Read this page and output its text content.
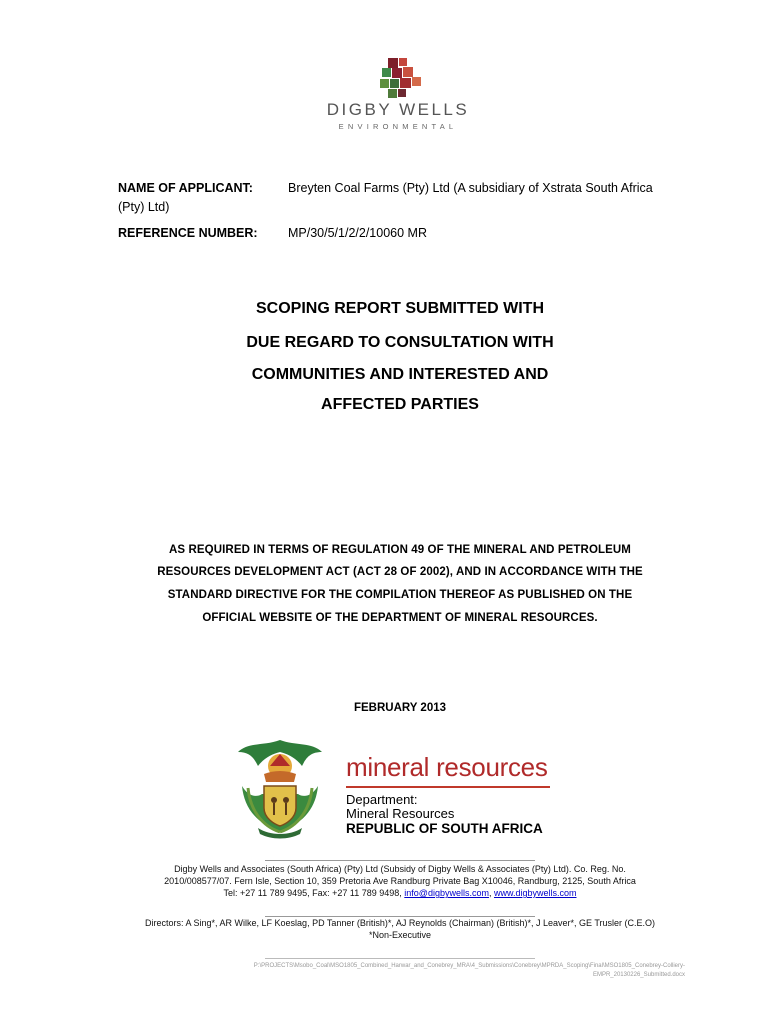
DIGBY WELLS
ENVIRONMENTAL
NAME OF APPLICANT:	Breyten Coal Farms (Pty) Ltd (A subsidiary of Xstrata South Africa
(Pty) Ltd)
REFERENCE NUMBER: MP/30/5/1/2/2/10060 MR
SCOPING REPORT SUBMITTED WITH
DUE REGARD TO CONSULTATION WITH
COMMUNITIES AND INTERESTED AND
AFFECTED PARTIES
AS REQUIRED IN TERMS OF REGULATION 49 OF THE MINERAL AND PETROLEUM
RESOURCES DEVELOPMENT ACT (ACT 28 OF 2002), AND IN ACCORDANCE WITH THE
STANDARD DIRECTIVE FOR THE COMPILATION THEREOF AS PUBLISHED ON THE
OFFICIAL WEBSITE OF THE DEPARTMENT OF MINERAL RESOURCES.
FEBRUARY 2013
mineral resources
Department:
Mineral Resources
REPUBLIC OF SOUTH AFRICA
Digby Wells and Associates (South Africa) (Pty) Ltd (Subsidy of Digby Wells & Associates (Pty) Ltd). Co. Reg. No.
2010/008577/07. Fern Isle, Section 10, 359 Pretoria Ave Randburg Private Bag X10046, Randburg, 2125, South Africa
Tel: +27 11 789 9495, Fax: +27 11 789 9498, info@digbywells.com, www.digbywells.com
Directors: A Sing*, AR Wilke, LF Koeslag, PD Tanner (British)*, AJ Reynolds (Chairman) (British)*, J Leaver*, GE Trusler (C.E.O)
*Non-Executive
P:\PROJECTS\Msobo_Coal\MSO1805_Combined_Harwar_and_Conebrey_MRA\4_Submissions\Conebrey\MPRDA_Scoping\Final\MSO1805_Conebrey-Colliery-
EMPR_20130226_Submitted.docx
